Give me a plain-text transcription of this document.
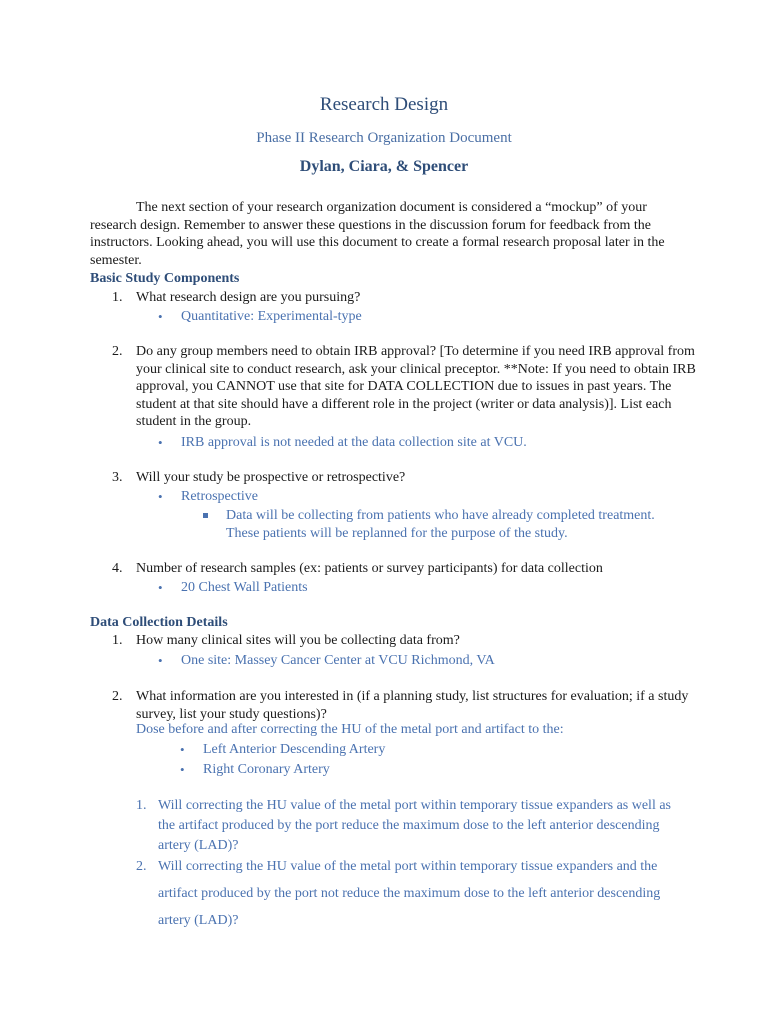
Research Design
Phase II Research Organization Document
Dylan, Ciara, & Spencer

The next section of your research organization document is considered a “mockup” of your research design. Remember to answer these questions in the discussion forum for feedback from the instructors. Looking ahead, you will use this document to create a formal research proposal later in the semester.

Basic Study Components
1. What research design are you pursuing?

• Quantitative: Experimental-type
2. Do any group members need to obtain IRB approval? [To determine if you need IRB approval from your clinical site to conduct research, ask your clinical preceptor. **Note: If you need to obtain IRB approval, you CANNOT use that site for DATA COLLECTION due to issues in past years. The student at that site should have a different role in the project (writer or data analysis)]. List each student in the group.

• IRB approval is not needed at the data collection site at VCU.
3. Will your study be prospective or retrospective?

• Retrospective

Data will be collecting from patients who have already completed treatment. These patients will be replanned for the purpose of the study.

4. Number of research samples (ex: patients or survey participants) for data collection

• 20 Chest Wall Patients
Data Collection Details
1. How many clinical sites will you be collecting data from?

• One site: Massey Cancer Center at VCU Richmond, VA
2. What information are you interested in (if a planning study, list structures for evaluation; if a study survey, list your study questions)?

Dose before and after correcting the HU of the metal port and artifact to the:
• Left Anterior Descending Artery
• Right Coronary Artery
1. Will correcting the HU value of the metal port within temporary tissue expanders as well as the artifact produced by the port reduce the maximum dose to the left anterior descending artery (LAD)?

2. Will correcting the HU value of the metal port within temporary tissue expanders and the artifact produced by the port not reduce the maximum dose to the left anterior descending artery (LAD)?
